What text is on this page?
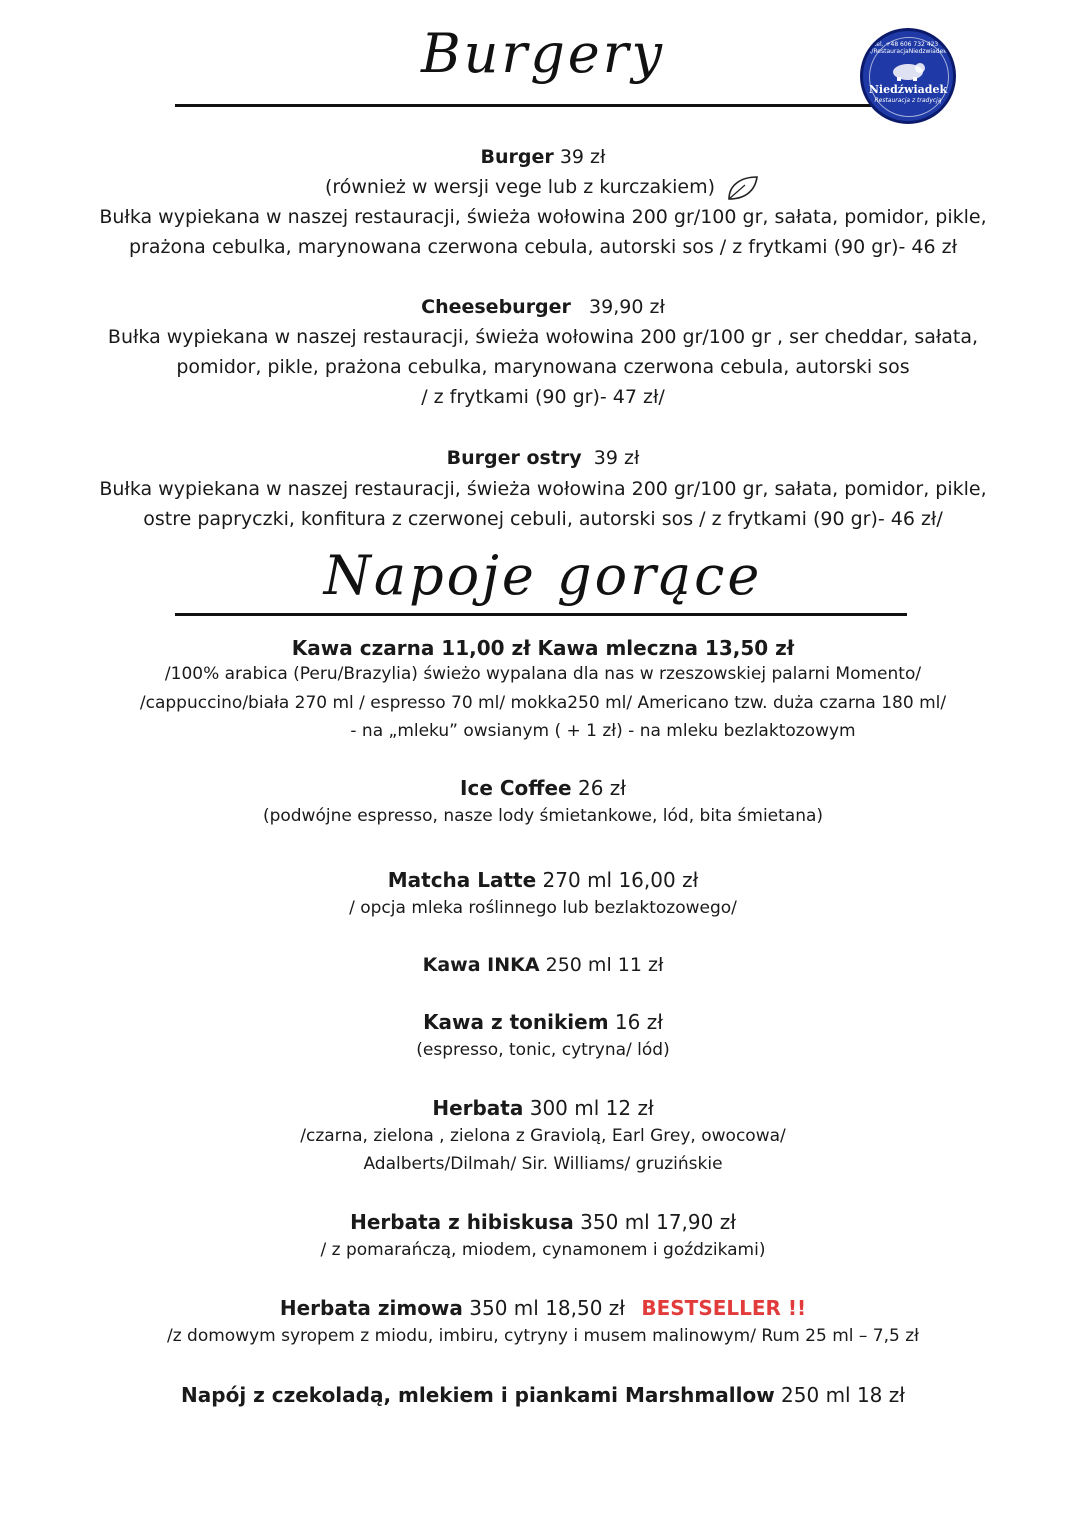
Burgery	tel. +48 606 732 423 · f/RestauracjaNiedzwiadek
Niedźwiadek
Restauracja z tradycją
Burger 39 zł
(również w wersji vege lub z kurczakiem)
Bułka wypiekana w naszej restauracji, świeża wołowina 200 gr/100 gr, sałata, pomidor, pikle,
prażona cebulka, marynowana czerwona cebula, autorski sos / z frytkami (90 gr)- 46 zł
Cheeseburger 39,90 zł
Bułka wypiekana w naszej restauracji, świeża wołowina 200 gr/100 gr , ser cheddar, sałata,
pomidor, pikle, prażona cebulka, marynowana czerwona cebula, autorski sos
/ z frytkami (90 gr)- 47 zł/
Burger ostry 39 zł
Bułka wypiekana w naszej restauracji, świeża wołowina 200 gr/100 gr, sałata, pomidor, pikle,
ostre papryczki, konfitura z czerwonej cebuli, autorski sos / z frytkami (90 gr)- 46 zł/
Napoje gorące
Kawa czarna 11,00 zł Kawa mleczna 13,50 zł
/100% arabica (Peru/Brazylia) świeżo wypalana dla nas w rzeszowskiej palarni Momento/
/cappuccino/biała 270 ml / espresso 70 ml/ mokka250 ml/ Americano tzw. duża czarna 180 ml/
- na „mleku” owsianym ( + 1 zł) - na mleku bezlaktozowym
Ice Coffee 26 zł
(podwójne espresso, nasze lody śmietankowe, lód, bita śmietana)
Matcha Latte 270 ml 16,00 zł
/ opcja mleka roślinnego lub bezlaktozowego/
Kawa INKA 250 ml 11 zł
Kawa z tonikiem 16 zł
(espresso, tonic, cytryna/ lód)
Herbata 300 ml 12 zł
/czarna, zielona , zielona z Graviolą, Earl Grey, owocowa/
Adalberts/Dilmah/ Sir. Williams/ gruzińskie
Herbata z hibiskusa 350 ml 17,90 zł
/ z pomarańczą, miodem, cynamonem i goździkami)
Herbata zimowa 350 ml 18,50 zł BESTSELLER !!
/z domowym syropem z miodu, imbiru, cytryny i musem malinowym/ Rum 25 ml – 7,5 zł
Napój z czekoladą, mlekiem i piankami Marshmallow 250 ml 18 zł
